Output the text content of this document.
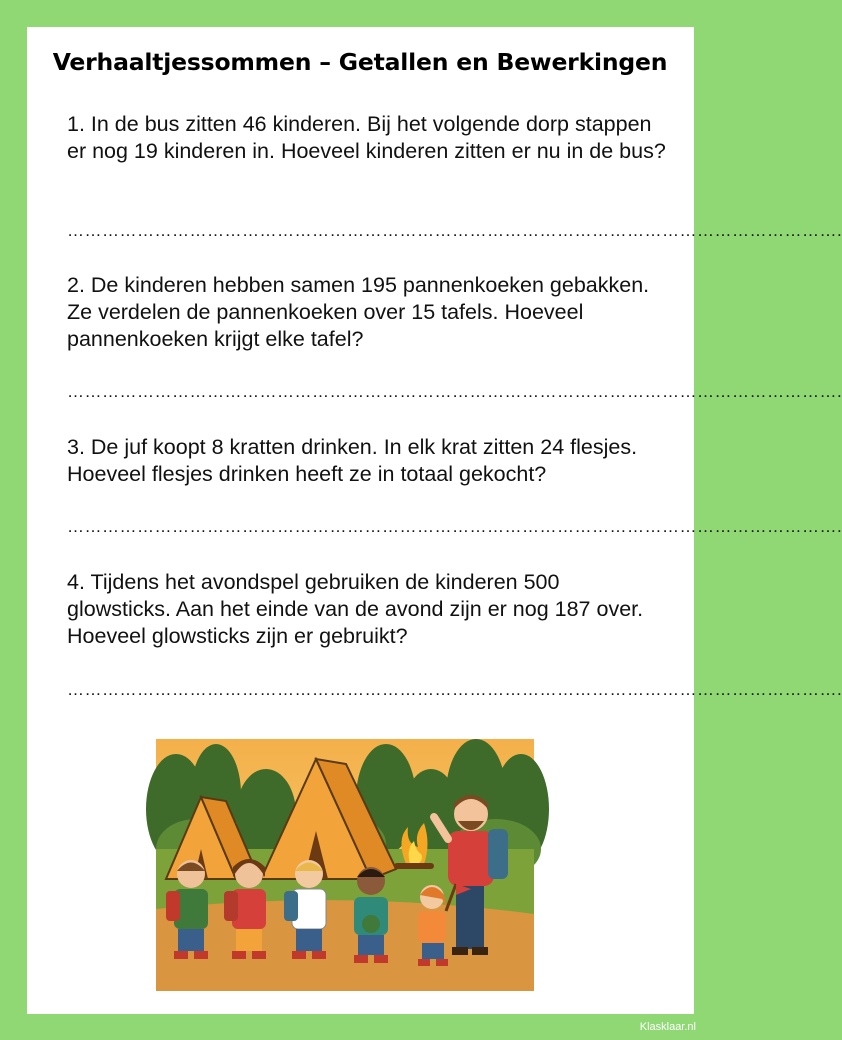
Verhaaltjessommen – Getallen en Bewerkingen
1. In de bus zitten 46 kinderen. Bij het volgende dorp stappen er nog 19 kinderen in. Hoeveel kinderen zitten er nu in de bus?
…………………………………………………………………………………………………………………….
2. De kinderen hebben samen 195 pannenkoeken gebakken. Ze verdelen de pannenkoeken over 15 tafels. Hoeveel pannenkoeken krijgt elke tafel?
…………………………………………………………………………………………………………………….
3. De juf koopt 8 kratten drinken. In elk krat zitten 24 flesjes. Hoeveel flesjes drinken heeft ze in totaal gekocht?
…………………………………………………………………………………………………………………….
4. Tijdens het avondspel gebruiken de kinderen 500 glowsticks. Aan het einde van de avond zijn er nog 187 over. Hoeveel glowsticks zijn er gebruikt?
…………………………………………………………………………………………………………………….
Klasklaar.nl
